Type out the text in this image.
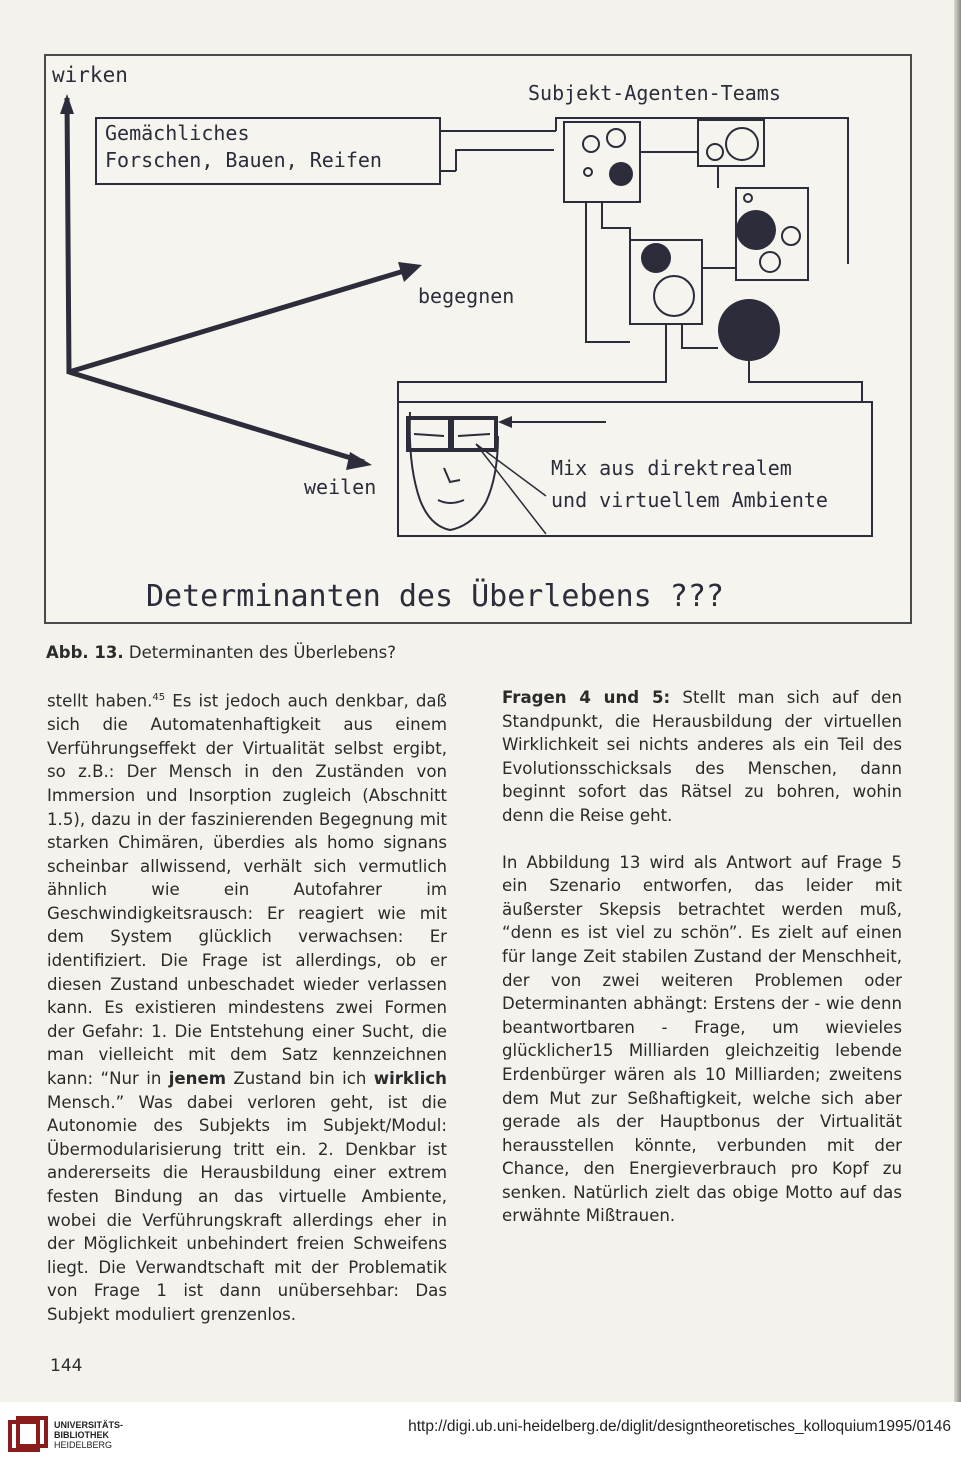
wirken
Gemächliches
Forschen, Bauen, Reifen
Subjekt-Agenten-Teams
begegnen
weilen
Mix aus direktrealem
und virtuellem Ambiente
Determinanten des Überlebens ???
Abb. 13. Determinanten des Überlebens?

stellt haben.$^{45}$ Es ist jedoch auch denkbar, daß sich die Automatenhaftigkeit aus einem Verführungseffekt der Virtualität selbst ergibt, so z.B.: Der Mensch in den Zuständen von Immersion und Insorption zugleich (Abschnitt 1.5), dazu in der faszinierenden Begegnung mit starken Chimären, überdies als homo signans scheinbar allwissend, verhält sich vermutlich ähnlich wie ein Autofahrer im Geschwindigkeitsrausch: Er reagiert wie mit dem System glücklich verwachsen: Er identifiziert. Die Frage ist allerdings, ob er diesen Zustand unbeschadet wieder verlassen kann. Es existieren mindestens zwei Formen der Gefahr: 1. Die Entstehung einer Sucht, die man vielleicht mit dem Satz kennzeichnen kann: “Nur in jenem Zustand bin ich wirklich Mensch.” Was dabei verloren geht, ist die Autonomie des Subjekts im Subjekt/Modul: Übermodularisierung tritt ein. 2. Denkbar ist andererseits die Herausbildung einer extrem festen Bindung an das virtuelle Ambiente, wobei die Verführungskraft allerdings eher in der Möglichkeit unbehindert freien Schweifens liegt. Die Verwandtschaft mit der Problematik von Frage 1 ist dann unübersehbar: Das Subjekt moduliert grenzenlos.

Fragen 4 und 5: Stellt man sich auf den Standpunkt, die Herausbildung der virtuellen Wirklichkeit sei nichts anderes als ein Teil des Evolutionsschicksals des Menschen, dann beginnt sofort das Rätsel zu bohren, wohin denn die Reise geht.

In Abbildung 13 wird als Antwort auf Frage 5 ein Szenario entworfen, das leider mit äußerster Skepsis betrachtet werden muß, “denn es ist viel zu schön”. Es zielt auf einen für lange Zeit stabilen Zustand der Menschheit, der von zwei weiteren Problemen oder Determinanten abhängt: Erstens der - wie denn beantwortbaren - Frage, um wievieles glücklicher15 Milliarden gleichzeitig lebende Erdenbürger wären als 10 Milliarden; zweitens dem Mut zur Seßhaftigkeit, welche sich aber gerade als der Hauptbonus der Virtualität herausstellen könnte, verbunden mit der Chance, den Energieverbrauch pro Kopf zu senken. Natürlich zielt das obige Motto auf das erwähnte Mißtrauen.

144
UNIVERSITÄTS-
BIBLIOTHEK
HEIDELBERG
http://digi.ub.uni-heidelberg.de/diglit/designtheoretisches_kolloquium1995/0146
